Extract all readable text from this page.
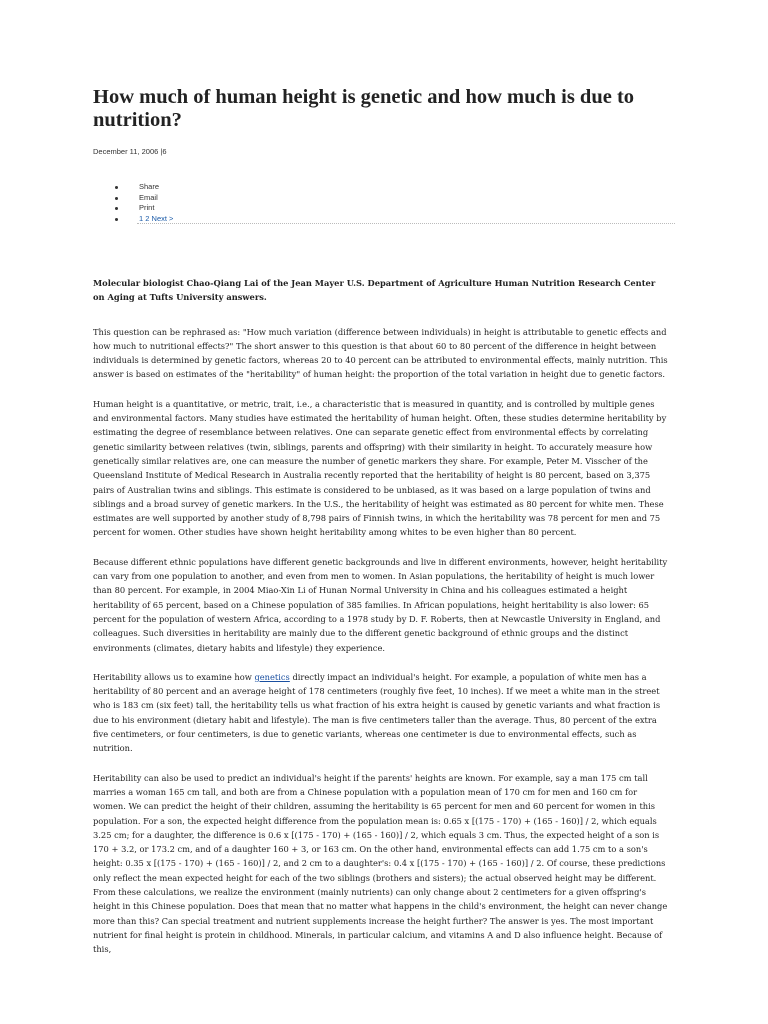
How much of human height is genetic and how much is due to nutrition?

December 11, 2006 |6

Share
Email
Print
1 2 Next >

Molecular biologist Chao-Qiang Lai of the Jean Mayer U.S. Department of Agriculture Human Nutrition Research Center on Aging at Tufts University answers.

This question can be rephrased as: "How much variation (difference between individuals) in height is attributable to genetic effects and how much to nutritional effects?" The short answer to this question is that about 60 to 80 percent of the difference in height between individuals is determined by genetic factors, whereas 20 to 40 percent can be attributed to environmental effects, mainly nutrition. This answer is based on estimates of the "heritability" of human height: the proportion of the total variation in height due to genetic factors.

Human height is a quantitative, or metric, trait, i.e., a characteristic that is measured in quantity, and is controlled by multiple genes and environmental factors. Many studies have estimated the heritability of human height. Often, these studies determine heritability by estimating the degree of resemblance between relatives. One can separate genetic effect from environmental effects by correlating genetic similarity between relatives (twin, siblings, parents and offspring) with their similarity in height. To accurately measure how genetically similar relatives are, one can measure the number of genetic markers they share. For example, Peter M. Visscher of the Queensland Institute of Medical Research in Australia recently reported that the heritability of height is 80 percent, based on 3,375 pairs of Australian twins and siblings. This estimate is considered to be unbiased, as it was based on a large population of twins and siblings and a broad survey of genetic markers. In the U.S., the heritability of height was estimated as 80 percent for white men. These estimates are well supported by another study of 8,798 pairs of Finnish twins, in which the heritability was 78 percent for men and 75 percent for women. Other studies have shown height heritability among whites to be even higher than 80 percent.

Because different ethnic populations have different genetic backgrounds and live in different environments, however, height heritability can vary from one population to another, and even from men to women. In Asian populations, the heritability of height is much lower than 80 percent. For example, in 2004 Miao-Xin Li of Hunan Normal University in China and his colleagues estimated a height heritability of 65 percent, based on a Chinese population of 385 families. In African populations, height heritability is also lower: 65 percent for the population of western Africa, according to a 1978 study by D. F. Roberts, then at Newcastle University in England, and colleagues. Such diversities in heritability are mainly due to the different genetic background of ethnic groups and the distinct environments (climates, dietary habits and lifestyle) they experience.

Heritability allows us to examine how genetics directly impact an individual's height. For example, a population of white men has a heritability of 80 percent and an average height of 178 centimeters (roughly five feet, 10 inches). If we meet a white man in the street who is 183 cm (six feet) tall, the heritability tells us what fraction of his extra height is caused by genetic variants and what fraction is due to his environment (dietary habit and lifestyle). The man is five centimeters taller than the average. Thus, 80 percent of the extra five centimeters, or four centimeters, is due to genetic variants, whereas one centimeter is due to environmental effects, such as nutrition.

Heritability can also be used to predict an individual's height if the parents' heights are known. For example, say a man 175 cm tall marries a woman 165 cm tall, and both are from a Chinese population with a population mean of 170 cm for men and 160 cm for women. We can predict the height of their children, assuming the heritability is 65 percent for men and 60 percent for women in this population. For a son, the expected height difference from the population mean is: 0.65 x [(175 - 170) + (165 - 160)] / 2, which equals 3.25 cm; for a daughter, the difference is 0.6 x [(175 - 170) + (165 - 160)] / 2, which equals 3 cm. Thus, the expected height of a son is 170 + 3.2, or 173.2 cm, and of a daughter 160 + 3, or 163 cm. On the other hand, environmental effects can add 1.75 cm to a son's height: 0.35 x [(175 - 170) + (165 - 160)] / 2, and 2 cm to a daughter's: 0.4 x [(175 - 170) + (165 - 160)] / 2. Of course, these predictions only reflect the mean expected height for each of the two siblings (brothers and sisters); the actual observed height may be different. From these calculations, we realize the environment (mainly nutrients) can only change about 2 centimeters for a given offspring's height in this Chinese population. Does that mean that no matter what happens in the child's environment, the height can never change more than this? Can special treatment and nutrient supplements increase the height further? The answer is yes. The most important nutrient for final height is protein in childhood. Minerals, in particular calcium, and vitamins A and D also influence height. Because of this,
